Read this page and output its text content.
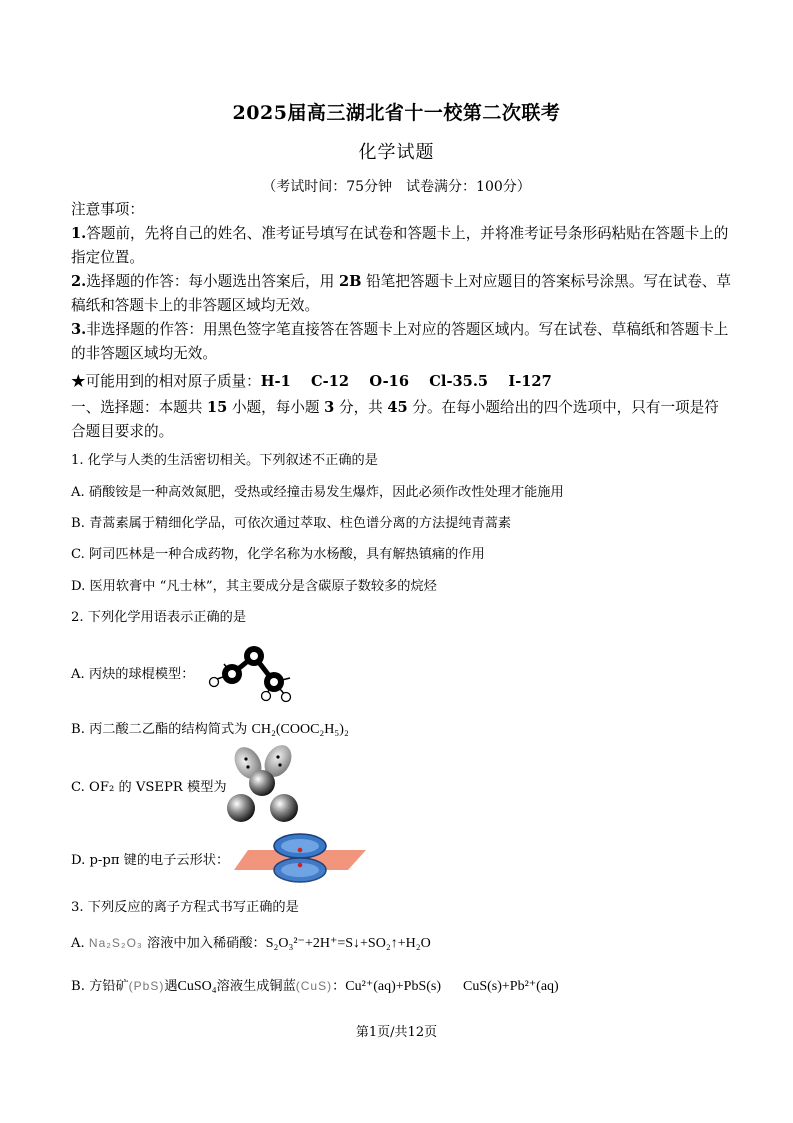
2025届高三湖北省十一校第二次联考
化学试题
（考试时间：75分钟 试卷满分：100分）
注意事项：

1.答题前，先将自己的姓名、准考证号填写在试卷和答题卡上，并将准考证号条形码粘贴在答题卡上的指定位置。

2.选择题的作答：每小题选出答案后，用 2B 铅笔把答题卡上对应题目的答案标号涂黑。写在试卷、草稿纸和答题卡上的非答题区域均无效。

3.非选择题的作答：用黑色签字笔直接答在答题卡上对应的答题区域内。写在试卷、草稿纸和答题卡上的非答题区域均无效。

★可能用到的相对原子质量：H-1    C-12    O-16    Cl-35.5    I-127

一、选择题：本题共 15 小题，每小题 3 分，共 45 分。在每小题给出的四个选项中，只有一项是符合题目要求的。

1. 化学与人类的生活密切相关。下列叙述不正确的是

A. 硝酸铵是一种高效氮肥，受热或经撞击易发生爆炸，因此必须作改性处理才能施用

B. 青蒿素属于精细化学品，可依次通过萃取、柱色谱分离的方法提纯青蒿素

C. 阿司匹林是一种合成药物，化学名称为水杨酸，具有解热镇痛的作用

D. 医用软膏中 “凡士林”，其主要成分是含碳原子数较多的烷烃

2. 下列化学用语表示正确的是

A. 丙炔的球棍模型：

B. 丙二酸二乙酯的结构简式为 CH₂(COOC₂H₅)₂

C. OF₂ 的 VSEPR 模型为

D. p-pπ 键的电子云形状：

3. 下列反应的离子方程式书写正确的是

A. Na₂S₂O₃ 溶液中加入稀硝酸：S₂O₃²⁻+2H⁺=S↓+SO₂↑+H₂O

B. 方铅矿(PbS)遇CuSO₄溶液生成铜蓝(CuS)：Cu²⁺(aq)+PbS(s) CuS(s)+Pb²⁺(aq)

第1页/共12页
